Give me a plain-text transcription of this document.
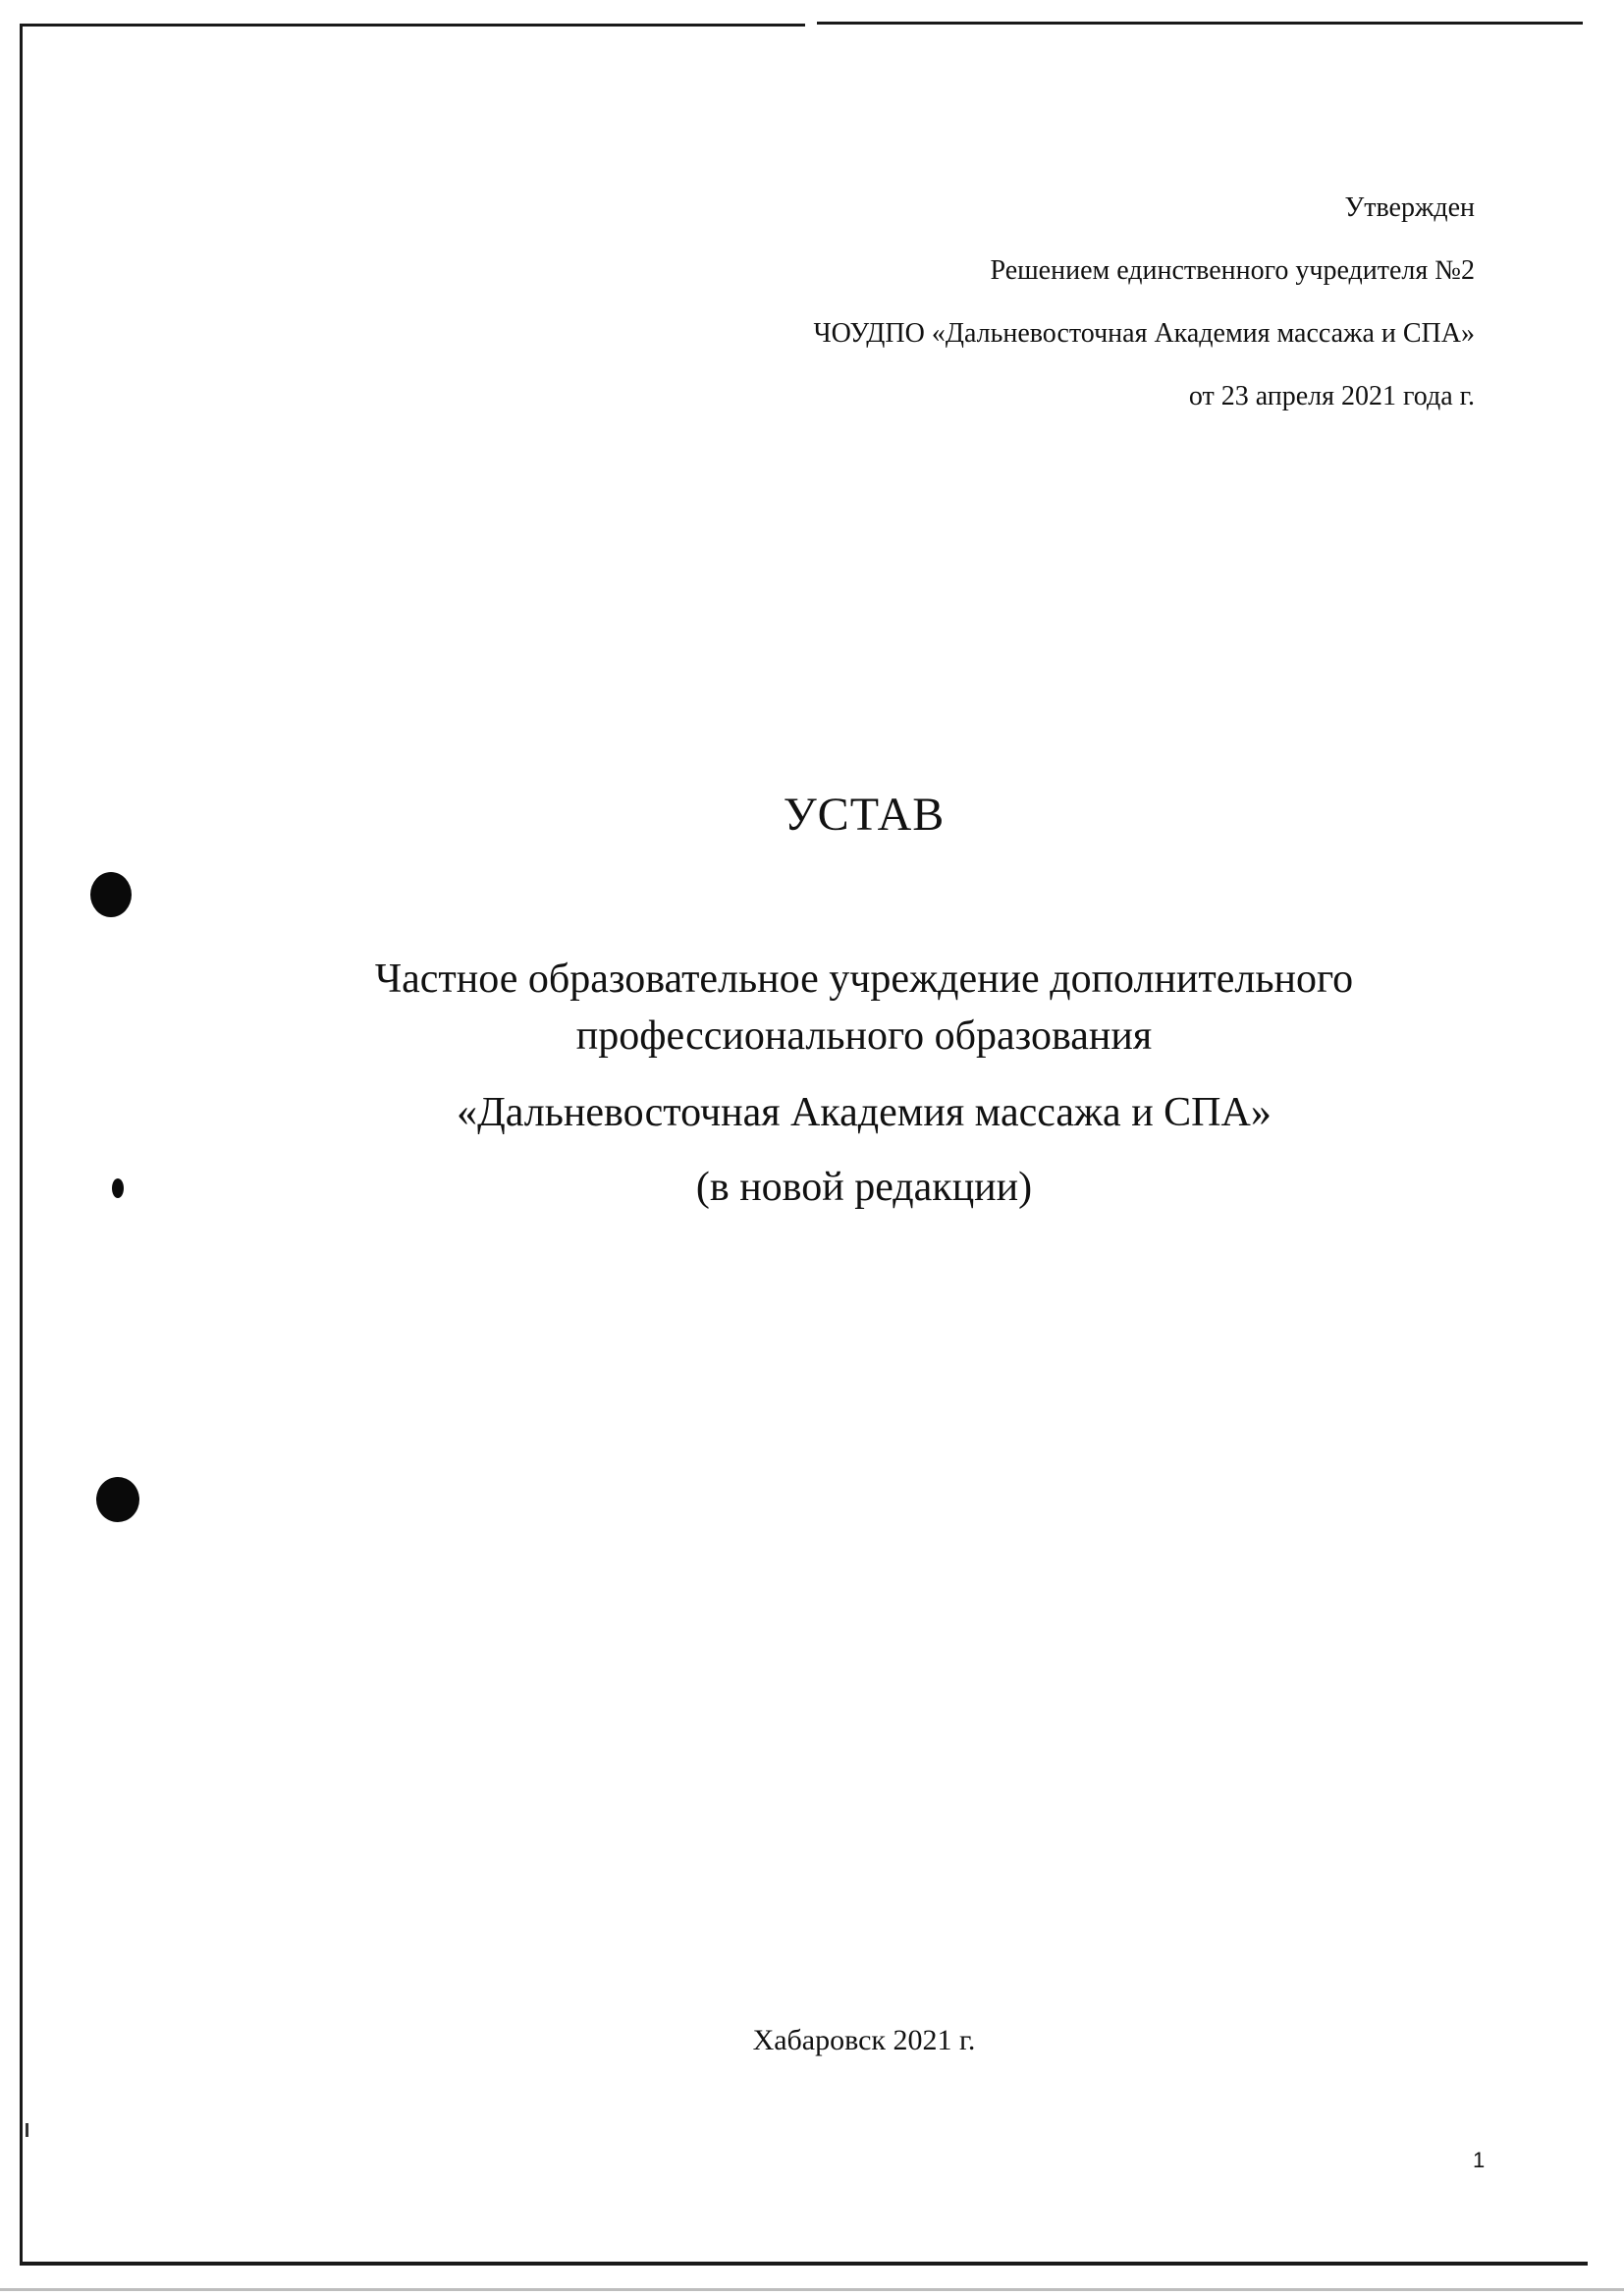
Утвержден
Решением единственного учредителя №2
ЧОУДПО «Дальневосточная Академия массажа и СПА»
от 23 апреля 2021 года г.
УСТАВ
Частное образовательное учреждение дополнительного
профессионального образования
«Дальневосточная Академия массажа и СПА»
(в новой редакции)
Хабаровск 2021 г.
1
